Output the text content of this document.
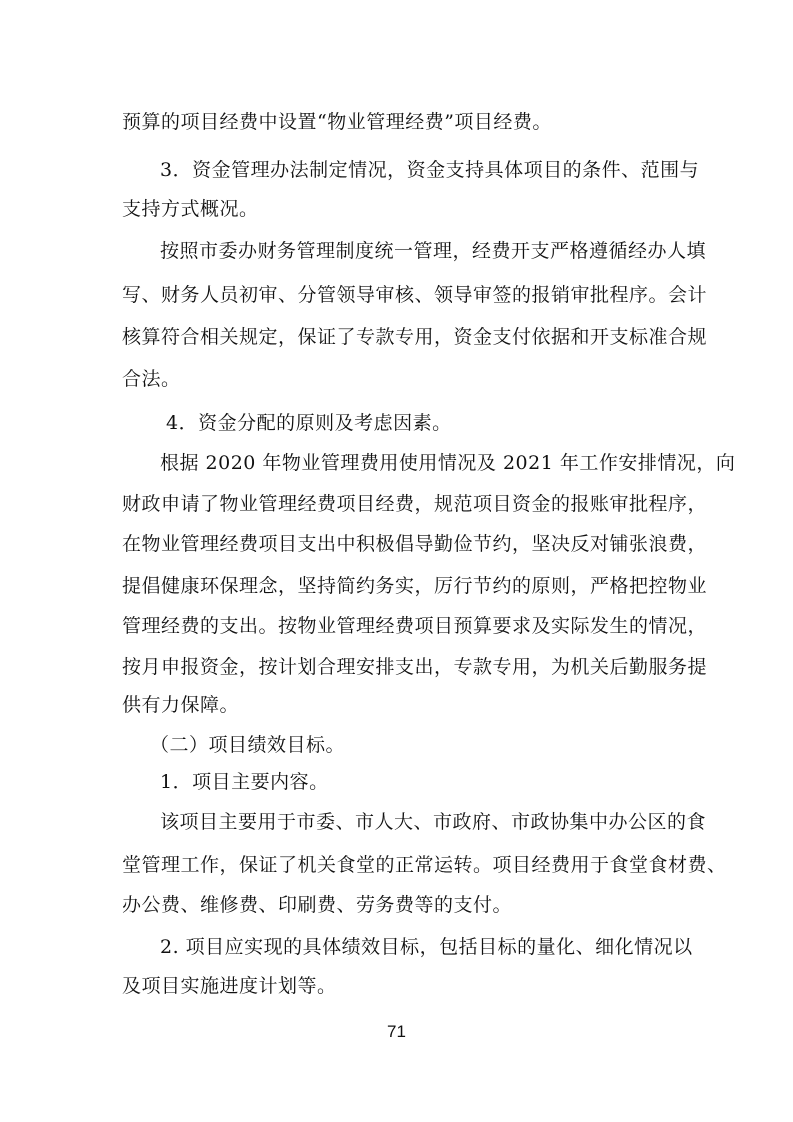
预算的项目经费中设置“物业管理经费”项目经费。
3．资金管理办法制定情况，资金支持具体项目的条件、范围与
支持方式概况。
按照市委办财务管理制度统一管理，经费开支严格遵循经办人填
写、财务人员初审、分管领导审核、领导审签的报销审批程序。会计
核算符合相关规定，保证了专款专用，资金支付依据和开支标准合规
合法。
4．资金分配的原则及考虑因素。
根据 2020 年物业管理费用使用情况及 2021 年工作安排情况，向
财政申请了物业管理经费项目经费，规范项目资金的报账审批程序，
在物业管理经费项目支出中积极倡导勤俭节约，坚决反对铺张浪费，
提倡健康环保理念，坚持简约务实，厉行节约的原则，严格把控物业
管理经费的支出。按物业管理经费项目预算要求及实际发生的情况，
按月申报资金，按计划合理安排支出，专款专用，为机关后勤服务提
供有力保障。
（二）项目绩效目标。
1．项目主要内容。
该项目主要用于市委、市人大、市政府、市政协集中办公区的食
堂管理工作，保证了机关食堂的正常运转。项目经费用于食堂食材费、
办公费、维修费、印刷费、劳务费等的支付。
2. 项目应实现的具体绩效目标，包括目标的量化、细化情况以
及项目实施进度计划等。
71
